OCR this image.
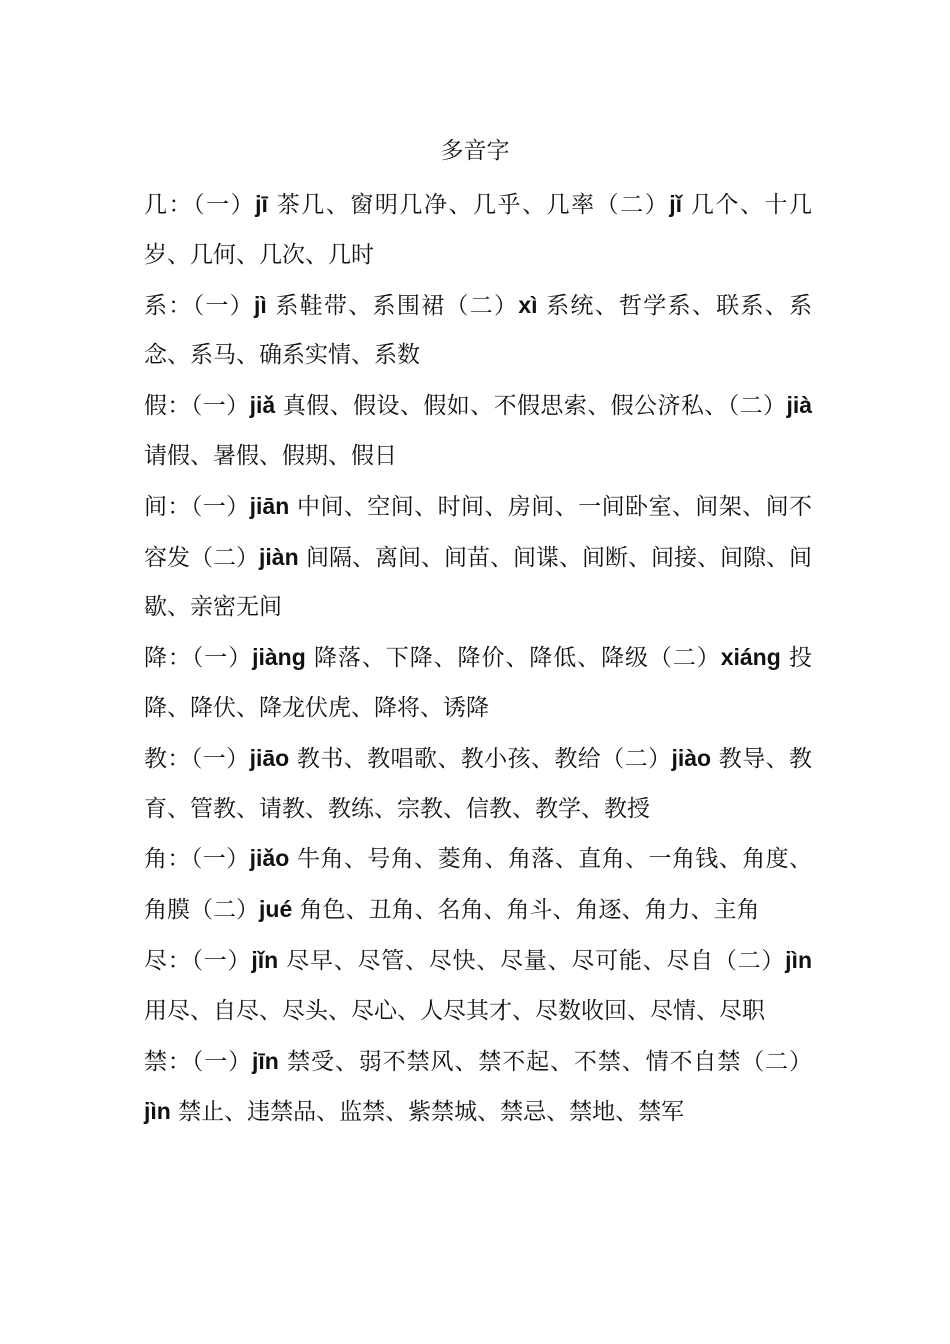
多音字

几：（一）jī 茶几、窗明几净、几乎、几率（二）jǐ 几个、十几岁、几何、几次、几时

系：（一）jì 系鞋带、系围裙（二）xì 系统、哲学系、联系、系念、系马、确系实情、系数

假：（一）jiǎ 真假、假设、假如、不假思索、假公济私、（二）jià 请假、暑假、假期、假日

间：（一）jiān 中间、空间、时间、房间、一间卧室、间架、间不容发（二）jiàn 间隔、离间、间苗、间谍、间断、间接、间隙、间歇、亲密无间

降：（一）jiàng 降落、下降、降价、降低、降级（二）xiáng 投降、降伏、降龙伏虎、降将、诱降

教：（一）jiāo 教书、教唱歌、教小孩、教给（二）jiào 教导、教育、管教、请教、教练、宗教、信教、教学、教授

角：（一）jiǎo 牛角、号角、菱角、角落、直角、一角钱、角度、角膜（二）jué 角色、丑角、名角、角斗、角逐、角力、主角

尽：（一）jǐn 尽早、尽管、尽快、尽量、尽可能、尽自（二）jìn 用尽、自尽、尽头、尽心、人尽其才、尽数收回、尽情、尽职

禁：（一）jīn 禁受、弱不禁风、禁不起、不禁、情不自禁（二）jìn 禁止、违禁品、监禁、紫禁城、禁忌、禁地、禁军
